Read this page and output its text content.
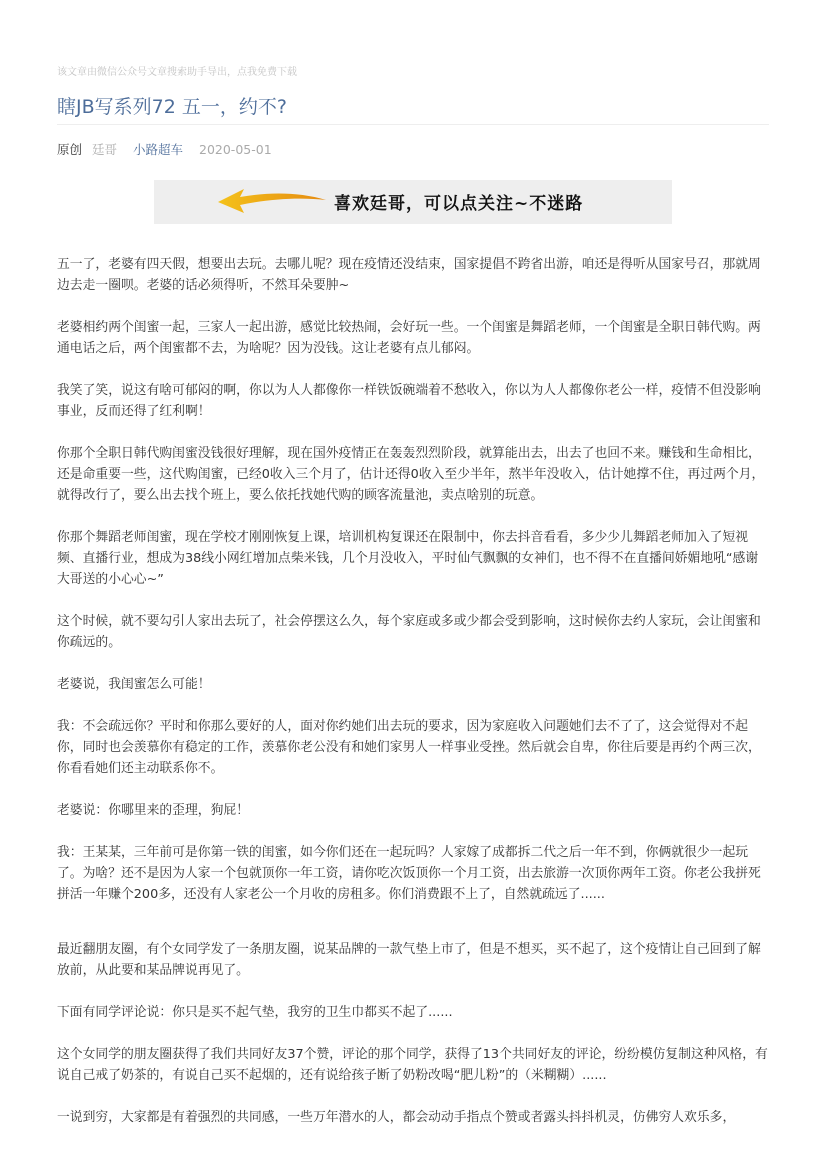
该文章由微信公众号文章搜索助手导出，点我免费下载
瞎JB写系列72 五一，约不?
原创 廷哥 小路超车 2020-05-01
喜欢廷哥，可以点关注~不迷路

五一了，老婆有四天假，想要出去玩。去哪儿呢？现在疫情还没结束，国家提倡不跨省出游，咱还是得听从国家号召，那就周边去走一圈呗。老婆的话必须得听，不然耳朵要肿~

老婆相约两个闺蜜一起，三家人一起出游，感觉比较热闹，会好玩一些。一个闺蜜是舞蹈老师，一个闺蜜是全职日韩代购。两通电话之后，两个闺蜜都不去，为啥呢？因为没钱。这让老婆有点儿郁闷。

我笑了笑，说这有啥可郁闷的啊，你以为人人都像你一样铁饭碗端着不愁收入，你以为人人都像你老公一样，疫情不但没影响事业，反而还得了红利啊！

你那个全职日韩代购闺蜜没钱很好理解，现在国外疫情正在轰轰烈烈阶段，就算能出去，出去了也回不来。赚钱和生命相比，还是命重要一些，这代购闺蜜，已经0收入三个月了，估计还得0收入至少半年，熬半年没收入，估计她撑不住，再过两个月，就得改行了，要么出去找个班上，要么依托找她代购的顾客流量池，卖点啥别的玩意。

你那个舞蹈老师闺蜜，现在学校才刚刚恢复上课，培训机构复课还在限制中，你去抖音看看，多少少儿舞蹈老师加入了短视频、直播行业，想成为38线小网红增加点柴米钱，几个月没收入，平时仙气飘飘的女神们，也不得不在直播间娇媚地吼“感谢大哥送的小心心~”

这个时候，就不要勾引人家出去玩了，社会停摆这么久，每个家庭或多或少都会受到影响，这时候你去约人家玩，会让闺蜜和你疏远的。

老婆说，我闺蜜怎么可能！

我：不会疏远你？平时和你那么要好的人，面对你约她们出去玩的要求，因为家庭收入问题她们去不了了，这会觉得对不起你，同时也会羡慕你有稳定的工作，羡慕你老公没有和她们家男人一样事业受挫。然后就会自卑，你往后要是再约个两三次，你看看她们还主动联系你不。

老婆说：你哪里来的歪理，狗屁！

我：王某某，三年前可是你第一铁的闺蜜，如今你们还在一起玩吗？人家嫁了成都拆二代之后一年不到，你俩就很少一起玩了。为啥？还不是因为人家一个包就顶你一年工资，请你吃次饭顶你一个月工资，出去旅游一次顶你两年工资。你老公我拼死拼活一年赚个200多，还没有人家老公一个月收的房租多。你们消费跟不上了，自然就疏远了......

最近翻朋友圈，有个女同学发了一条朋友圈，说某品牌的一款气垫上市了，但是不想买，买不起了，这个疫情让自己回到了解放前，从此要和某品牌说再见了。

下面有同学评论说：你只是买不起气垫，我穷的卫生巾都买不起了......

这个女同学的朋友圈获得了我们共同好友37个赞，评论的那个同学，获得了13个共同好友的评论，纷纷模仿复制这种风格，有说自己戒了奶茶的，有说自己买不起烟的，还有说给孩子断了奶粉改喝“肥儿粉”的（米糊糊）......

一说到穷，大家都是有着强烈的共同感，一些万年潜水的人，都会动动手指点个赞或者露头抖抖机灵，仿佛穷人欢乐多，
